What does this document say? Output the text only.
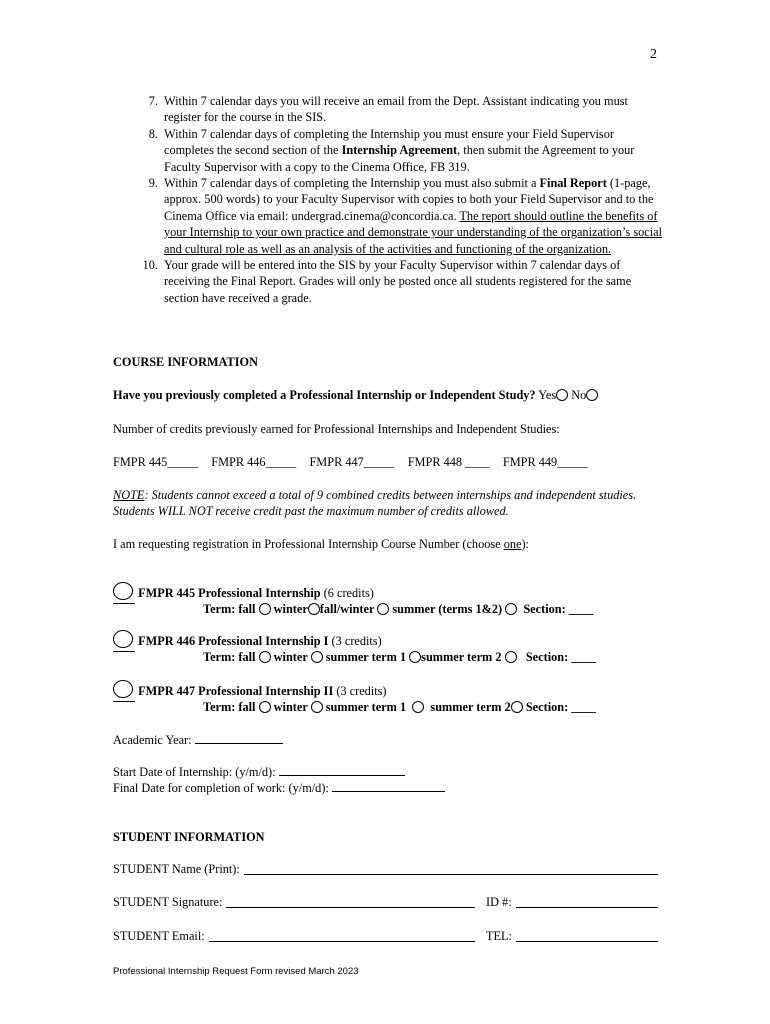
2
7. Within 7 calendar days you will receive an email from the Dept. Assistant indicating you must register for the course in the SIS.
8. Within 7 calendar days of completing the Internship you must ensure your Field Supervisor completes the second section of the Internship Agreement, then submit the Agreement to your Faculty Supervisor with a copy to the Cinema Office, FB 319.
9. Within 7 calendar days of completing the Internship you must also submit a Final Report (1-page, approx. 500 words) to your Faculty Supervisor with copies to both your Field Supervisor and to the Cinema Office via email: undergrad.cinema@concordia.ca. The report should outline the benefits of your Internship to your own practice and demonstrate your understanding of the organization’s social and cultural role as well as an analysis of the activities and functioning of the organization.
10. Your grade will be entered into the SIS by your Faculty Supervisor within 7 calendar days of receiving the Final Report. Grades will only be posted once all students registered for the same section have received a grade.
COURSE INFORMATION
Have you previously completed a Professional Internship or Independent Study? Yes No
Number of credits previously earned for Professional Internships and Independent Studies:
FMPR 445_____ FMPR 446_____ FMPR 447_____ FMPR 448 ____ FMPR 449_____
NOTE: Students cannot exceed a total of 9 combined credits between internships and independent studies. Students WILL NOT receive credit past the maximum number of credits allowed.
I am requesting registration in Professional Internship Course Number (choose one):
FMPR 445 Professional Internship (6 credits)
Term: fall winter fall/winter summer (terms 1&2) Section: ____
FMPR 446 Professional Internship I (3 credits)
Term: fall winter summer term 1 summer term 2 Section: ____
FMPR 447 Professional Internship II (3 credits)
Term: fall winter summer term 1 summer term 2 Section: ____
Academic Year:
Start Date of Internship: (y/m/d):
Final Date for completion of work: (y/m/d):
STUDENT INFORMATION
STUDENT Name (Print):
STUDENT Signature:	ID #:
STUDENT Email:	TEL:
Professional Internship Request Form revised March 2023
